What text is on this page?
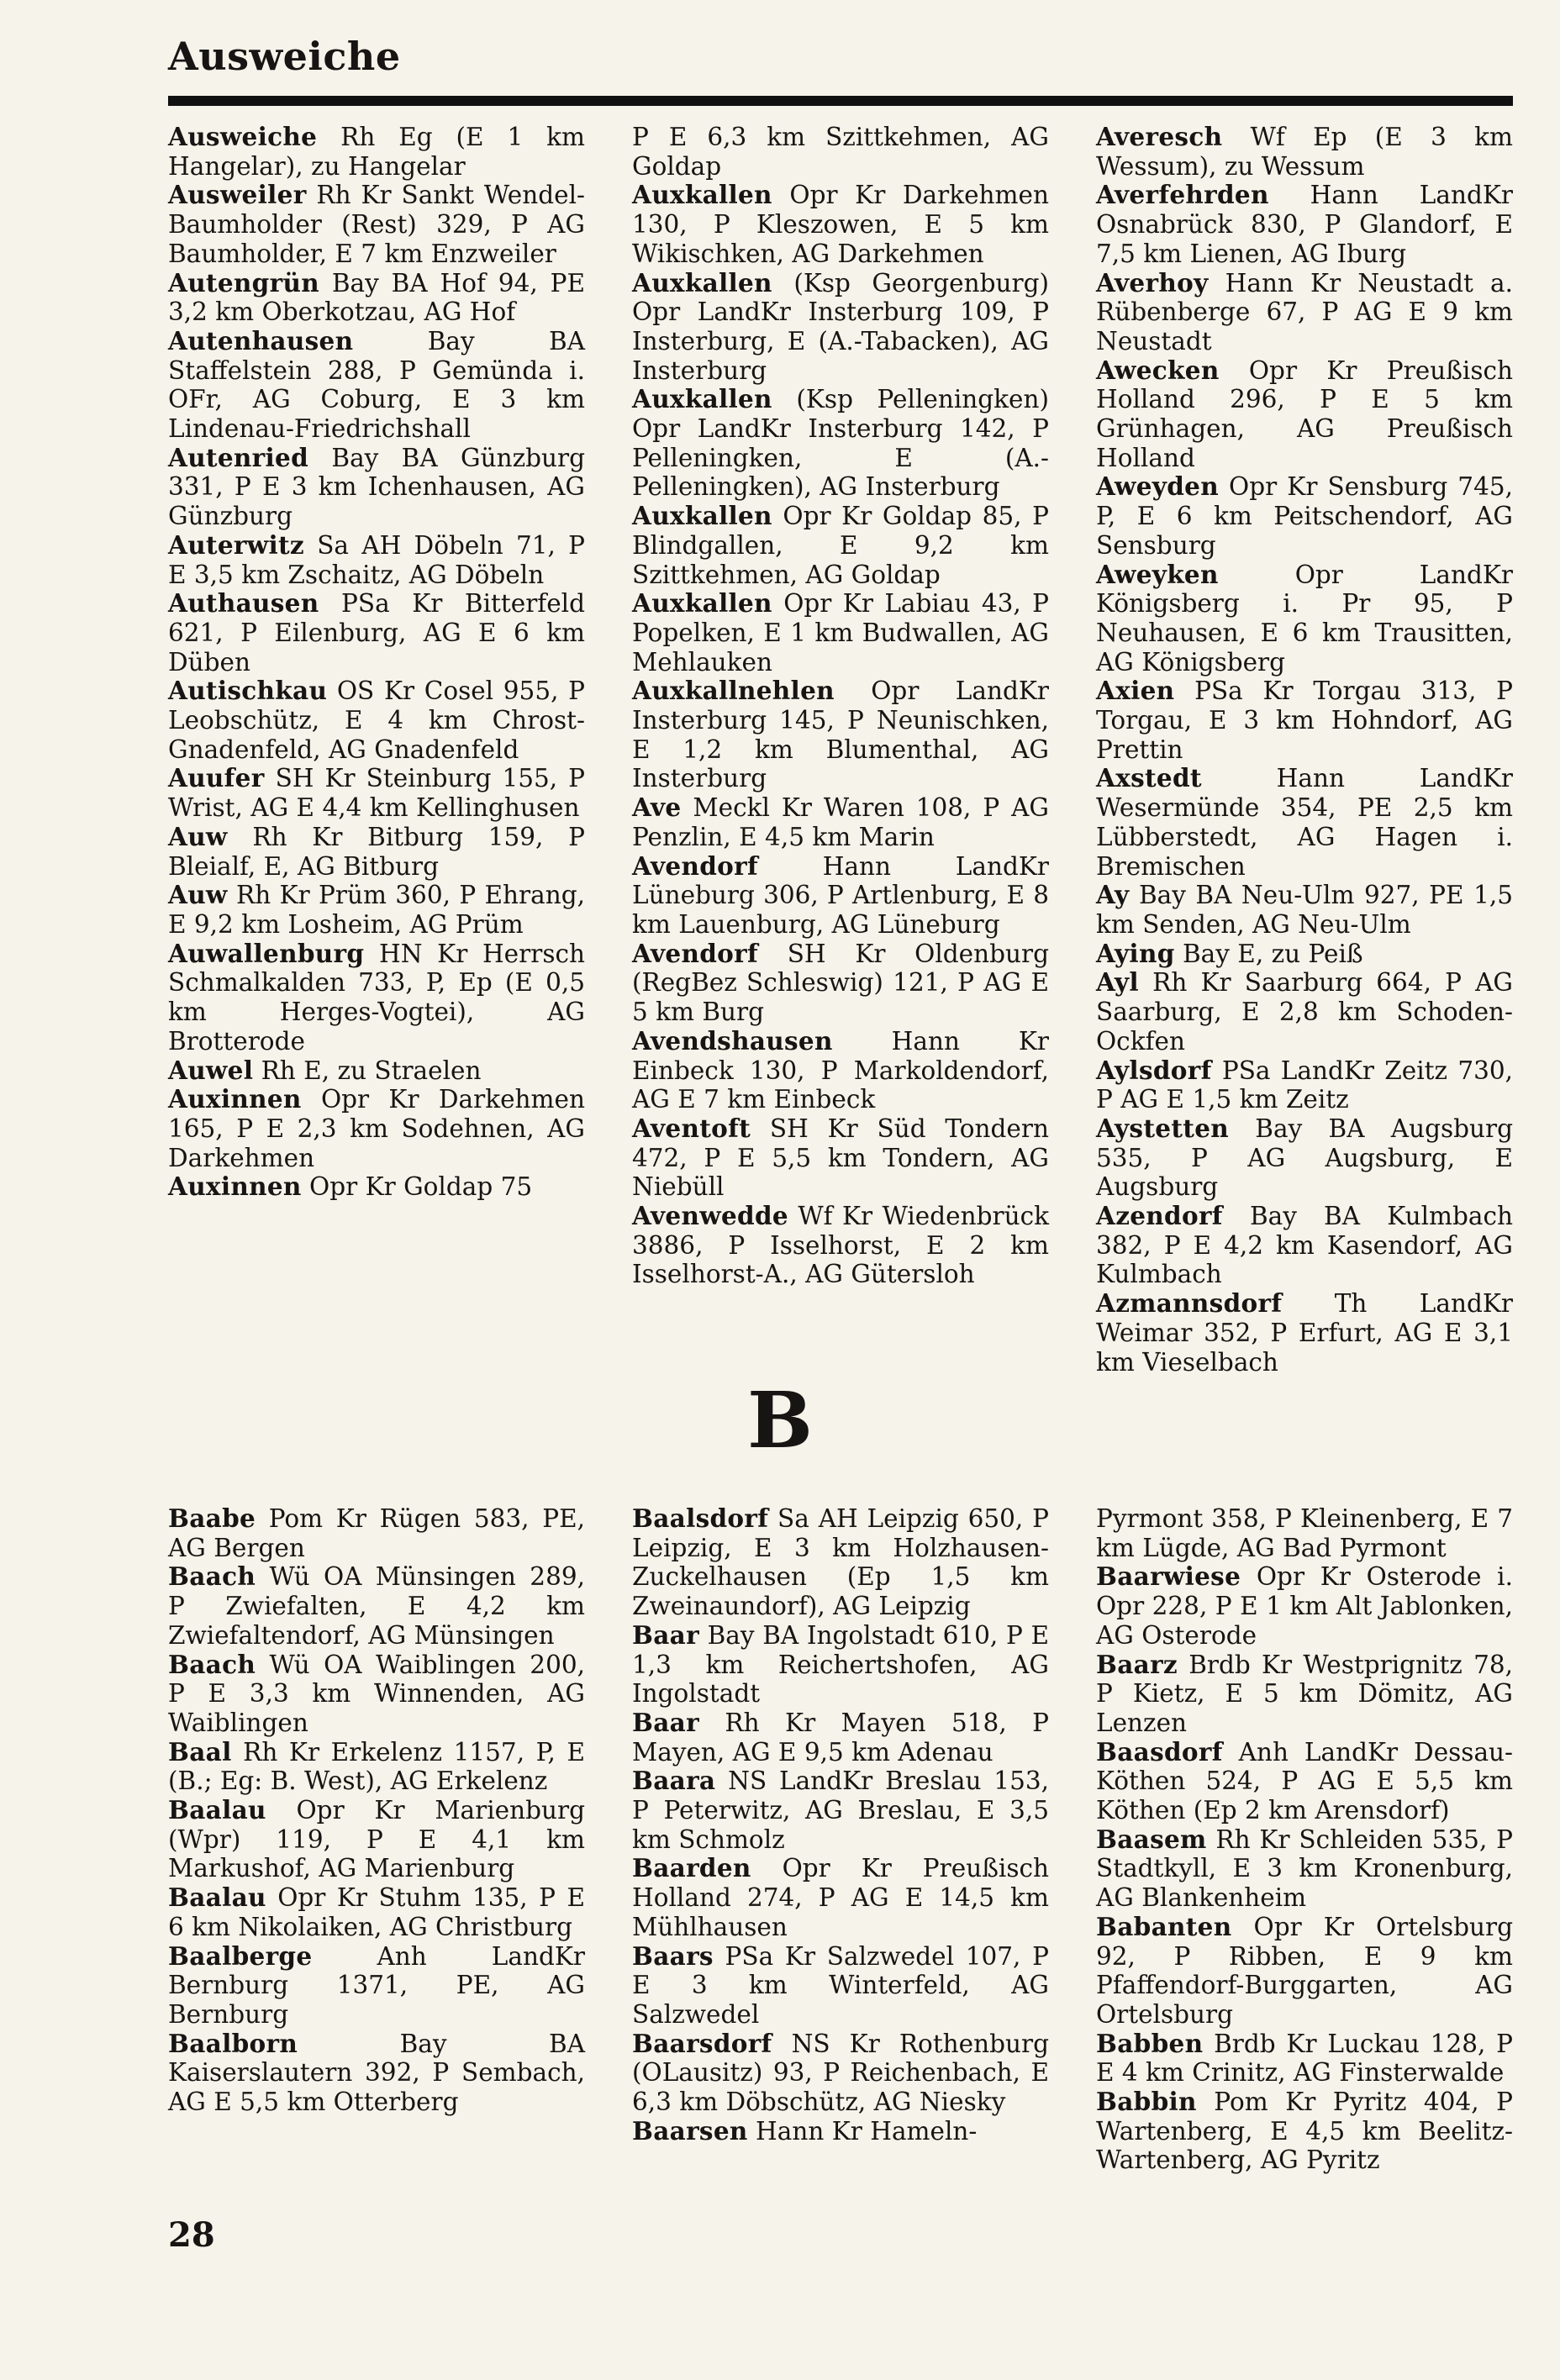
Ausweiche

Ausweiche Rh Eg (E 1 km Hangelar), zu Hangelar

Ausweiler Rh Kr Sankt Wendel-Baumholder (Rest) 329, P AG Baumholder, E 7 km Enzweiler

Autengrün Bay BA Hof 94, PE 3,2 km Oberkotzau, AG Hof

Autenhausen Bay BA Staffelstein 288, P Gemünda i. OFr, AG Coburg, E 3 km Lindenau-Friedrichshall

Autenried Bay BA Günzburg 331, P E 3 km Ichenhausen, AG Günzburg

Auterwitz Sa AH Döbeln 71, P E 3,5 km Zschaitz, AG Döbeln

Authausen PSa Kr Bitterfeld 621, P Eilenburg, AG E 6 km Düben

Autischkau OS Kr Cosel 955, P Leobschütz, E 4 km Chrost-Gnadenfeld, AG Gnadenfeld

Auufer SH Kr Steinburg 155, P Wrist, AG E 4,4 km Kellinghusen

Auw Rh Kr Bitburg 159, P Bleialf, E, AG Bitburg

Auw Rh Kr Prüm 360, P Ehrang, E 9,2 km Losheim, AG Prüm

Auwallenburg HN Kr Herrsch Schmalkalden 733, P, Ep (E 0,5 km Herges-Vogtei), AG Brotterode

Auwel Rh E, zu Straelen

Auxinnen Opr Kr Darkehmen 165, P E 2,3 km Sodehnen, AG Darkehmen

Auxinnen Opr Kr Goldap 75

P E 6,3 km Szittkehmen, AG Goldap

Auxkallen Opr Kr Darkehmen 130, P Kleszowen, E 5 km Wikischken, AG Darkehmen

Auxkallen (Ksp Georgenburg) Opr LandKr Insterburg 109, P Insterburg, E (A.-Tabacken), AG Insterburg

Auxkallen (Ksp Pelleningken) Opr LandKr Insterburg 142, P Pelleningken, E (A.-Pelleningken), AG Insterburg

Auxkallen Opr Kr Goldap 85, P Blindgallen, E 9,2 km Szittkehmen, AG Goldap

Auxkallen Opr Kr Labiau 43, P Popelken, E 1 km Budwallen, AG Mehlauken

Auxkallnehlen Opr LandKr Insterburg 145, P Neunischken, E 1,2 km Blumenthal, AG Insterburg

Ave Meckl Kr Waren 108, P AG Penzlin, E 4,5 km Marin

Avendorf Hann LandKr Lüneburg 306, P Artlenburg, E 8 km Lauenburg, AG Lüneburg

Avendorf SH Kr Oldenburg (RegBez Schleswig) 121, P AG E 5 km Burg

Avendshausen Hann Kr Einbeck 130, P Markoldendorf, AG E 7 km Einbeck

Aventoft SH Kr Süd Tondern 472, P E 5,5 km Tondern, AG Niebüll

Avenwedde Wf Kr Wiedenbrück 3886, P Isselhorst, E 2 km Isselhorst-A., AG Gütersloh

Averesch Wf Ep (E 3 km Wessum), zu Wessum

Averfehrden Hann LandKr Osnabrück 830, P Glandorf, E 7,5 km Lienen, AG Iburg

Averhoy Hann Kr Neustadt a. Rübenberge 67, P AG E 9 km Neustadt

Awecken Opr Kr Preußisch Holland 296, P E 5 km Grünhagen, AG Preußisch Holland

Aweyden Opr Kr Sensburg 745, P, E 6 km Peitschendorf, AG Sensburg

Aweyken Opr LandKr Königsberg i. Pr 95, P Neuhausen, E 6 km Trausitten, AG Königsberg

Axien PSa Kr Torgau 313, P Torgau, E 3 km Hohndorf, AG Prettin

Axstedt Hann LandKr Wesermünde 354, PE 2,5 km Lübberstedt, AG Hagen i. Bremischen

Ay Bay BA Neu-Ulm 927, PE 1,5 km Senden, AG Neu-Ulm

Aying Bay E, zu Peiß

Ayl Rh Kr Saarburg 664, P AG Saarburg, E 2,8 km Schoden-Ockfen

Aylsdorf PSa LandKr Zeitz 730, P AG E 1,5 km Zeitz

Aystetten Bay BA Augsburg 535, P AG Augsburg, E Augsburg

Azendorf Bay BA Kulmbach 382, P E 4,2 km Kasendorf, AG Kulmbach

Azmannsdorf Th LandKr Weimar 352, P Erfurt, AG E 3,1 km Vieselbach

B

Baabe Pom Kr Rügen 583, PE, AG Bergen

Baach Wü OA Münsingen 289, P Zwiefalten, E 4,2 km Zwiefaltendorf, AG Münsingen

Baach Wü OA Waiblingen 200, P E 3,3 km Winnenden, AG Waiblingen

Baal Rh Kr Erkelenz 1157, P, E (B.; Eg: B. West), AG Erkelenz

Baalau Opr Kr Marienburg (Wpr) 119, P E 4,1 km Markushof, AG Marienburg

Baalau Opr Kr Stuhm 135, P E 6 km Nikolaiken, AG Christburg

Baalberge Anh LandKr Bernburg 1371, PE, AG Bernburg

Baalborn Bay BA Kaiserslautern 392, P Sembach, AG E 5,5 km Otterberg

Baalsdorf Sa AH Leipzig 650, P Leipzig, E 3 km Holzhausen-Zuckelhausen (Ep 1,5 km Zweinaundorf), AG Leipzig

Baar Bay BA Ingolstadt 610, P E 1,3 km Reichertshofen, AG Ingolstadt

Baar Rh Kr Mayen 518, P Mayen, AG E 9,5 km Adenau

Baara NS LandKr Breslau 153, P Peterwitz, AG Breslau, E 3,5 km Schmolz

Baarden Opr Kr Preußisch Holland 274, P AG E 14,5 km Mühlhausen

Baars PSa Kr Salzwedel 107, P E 3 km Winterfeld, AG Salzwedel

Baarsdorf NS Kr Rothenburg (OLausitz) 93, P Reichenbach, E 6,3 km Döbschütz, AG Niesky

Baarsen Hann Kr Hameln-

Pyrmont 358, P Kleinenberg, E 7 km Lügde, AG Bad Pyrmont

Baarwiese Opr Kr Osterode i. Opr 228, P E 1 km Alt Jablonken, AG Osterode

Baarz Brdb Kr Westprignitz 78, P Kietz, E 5 km Dömitz, AG Lenzen

Baasdorf Anh LandKr Dessau-Köthen 524, P AG E 5,5 km Köthen (Ep 2 km Arensdorf)

Baasem Rh Kr Schleiden 535, P Stadtkyll, E 3 km Kronenburg, AG Blankenheim

Babanten Opr Kr Ortelsburg 92, P Ribben, E 9 km Pfaffendorf-Burggarten, AG Ortelsburg

Babben Brdb Kr Luckau 128, P E 4 km Crinitz, AG Finsterwalde

Babbin Pom Kr Pyritz 404, P Wartenberg, E 4,5 km Beelitz-Wartenberg, AG Pyritz

28
